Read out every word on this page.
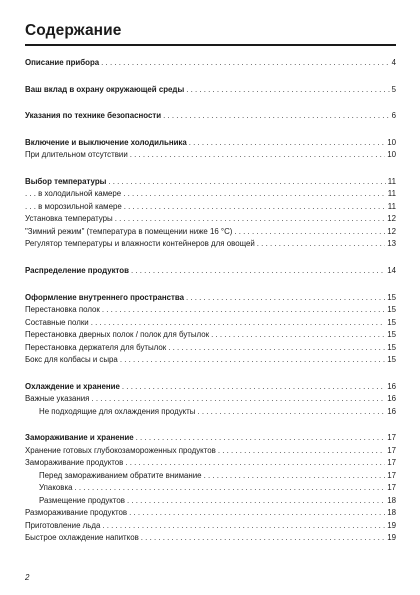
Содержание
Описание прибора . . .	4
Ваш вклад в охрану окружающей среды . . .	5
Указания по технике безопасности . . .	6
Включение и выключение холодильника . . .	10
При длительном отсутствии . . .	10
Выбор температуры . . .	11
. . . в холодильной камере . . .	11
. . . в морозильной камере . . .	11
Установка температуры . . .	12
"Зимний режим" (температура в помещении ниже 16 °C) . . .	12
Регулятор температуры и влажности контейнеров для овощей . . .	13
Распределение продуктов . . .	14
Оформление внутреннего пространства . . .	15
Перестановка полок . . .	15
Составные полки . . .	15
Перестановка дверных полок / полок для бутылок . . .	15
Перестановка держателя для бутылок . . .	15
Бокс для колбасы и сыра . . .	15
Охлаждение и хранение . . .	16
Важные указания . . .	16
Не подходящие для охлаждения продукты . . .	16
Замораживание и хранение . . .	17
Хранение готовых глубокозамороженных продуктов . . .	17
Замораживание продуктов . . .	17
Перед замораживанием обратите внимание . . .	17
Упаковка . . .	17
Размещение продуктов . . .	18
Размораживание продуктов . . .	18
Приготовление льда . . .	19
Быстрое охлаждение напитков . . .	19
2
